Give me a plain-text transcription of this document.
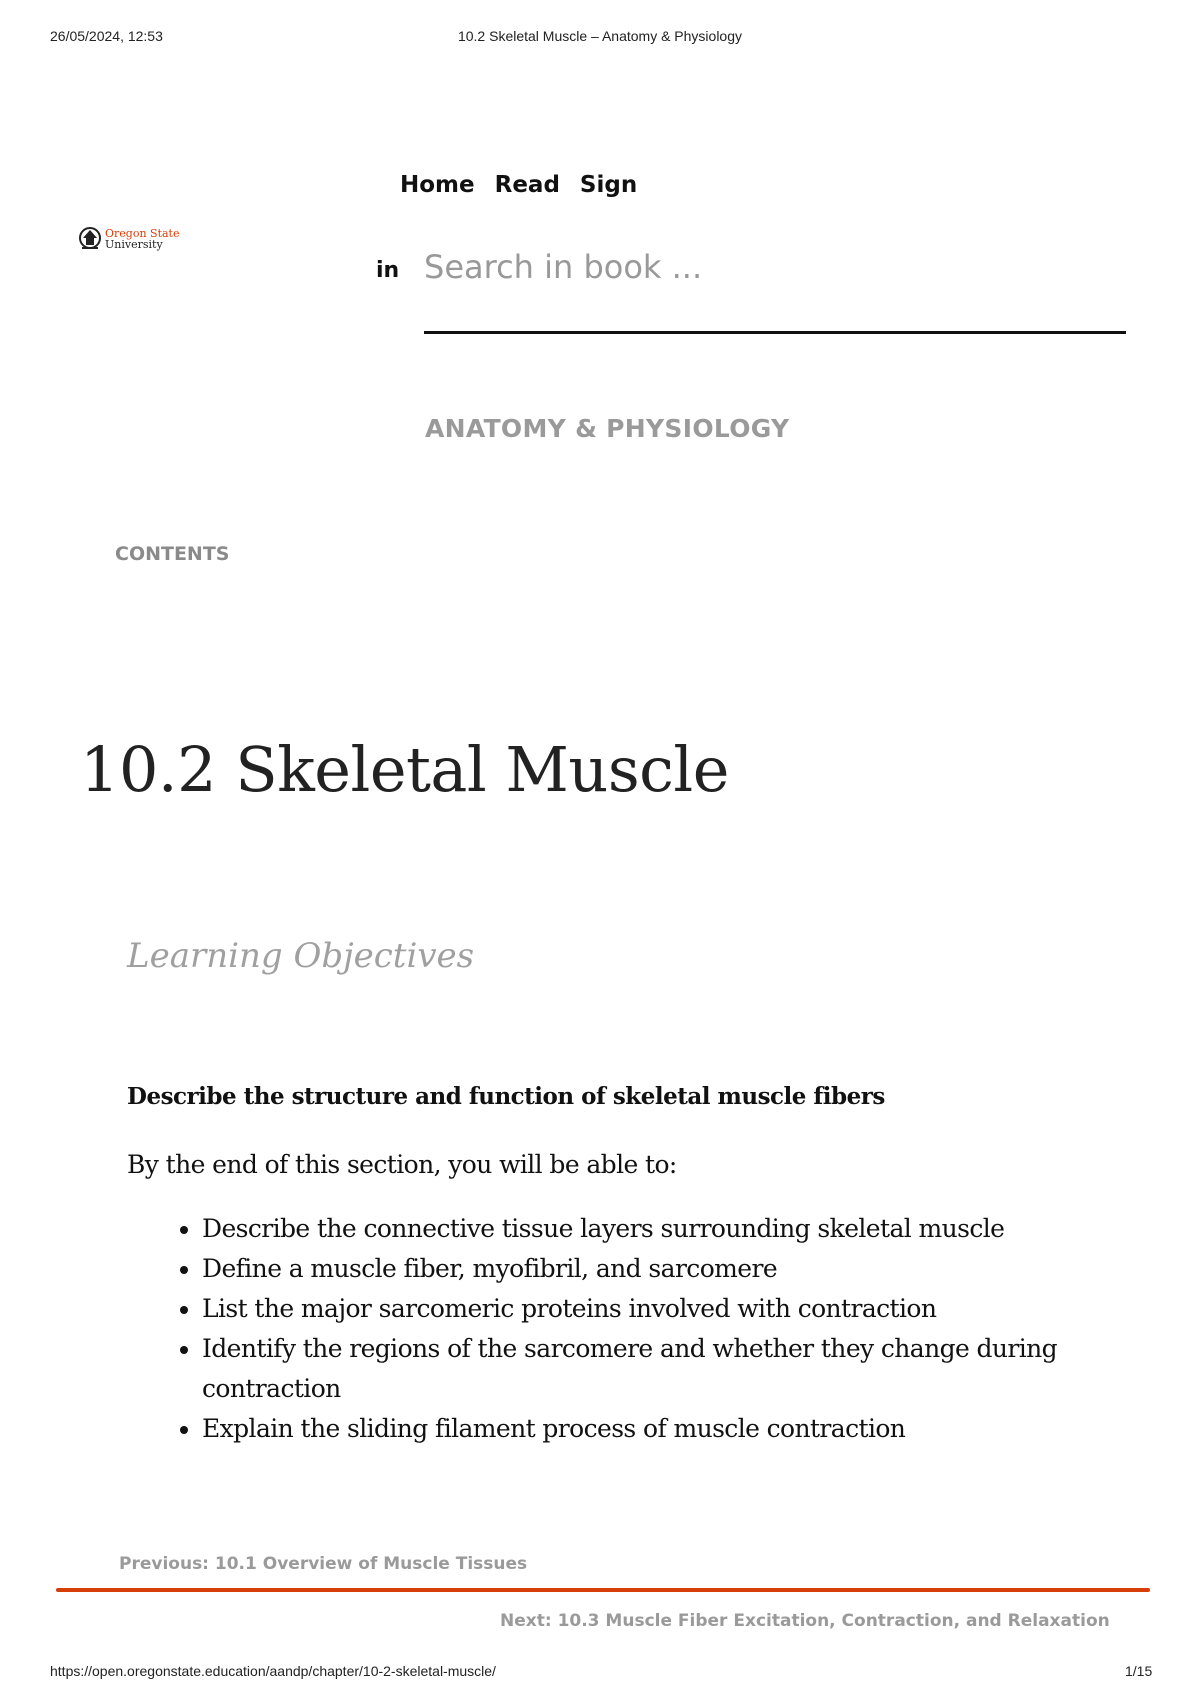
26/05/2024, 12:53	10.2 Skeletal Muscle – Anatomy & Physiology
Oregon State
University
Home Read Sign
in
Search in book ...
ANATOMY & PHYSIOLOGY
CONTENTS
10.2 Skeletal Muscle
Learning Objectives
Describe the structure and function of skeletal muscle fibers
By the end of this section, you will be able to:
• Describe the connective tissue layers surrounding skeletal muscle
• Define a muscle fiber, myofibril, and sarcomere
• List the major sarcomeric proteins involved with contraction
• Identify the regions of the sarcomere and whether they change during contraction
• Explain the sliding filament process of muscle contraction
Previous: 10.1 Overview of Muscle Tissues
Next: 10.3 Muscle Fiber Excitation, Contraction, and Relaxation
https://open.oregonstate.education/aandp/chapter/10-2-skeletal-muscle/	1/15
